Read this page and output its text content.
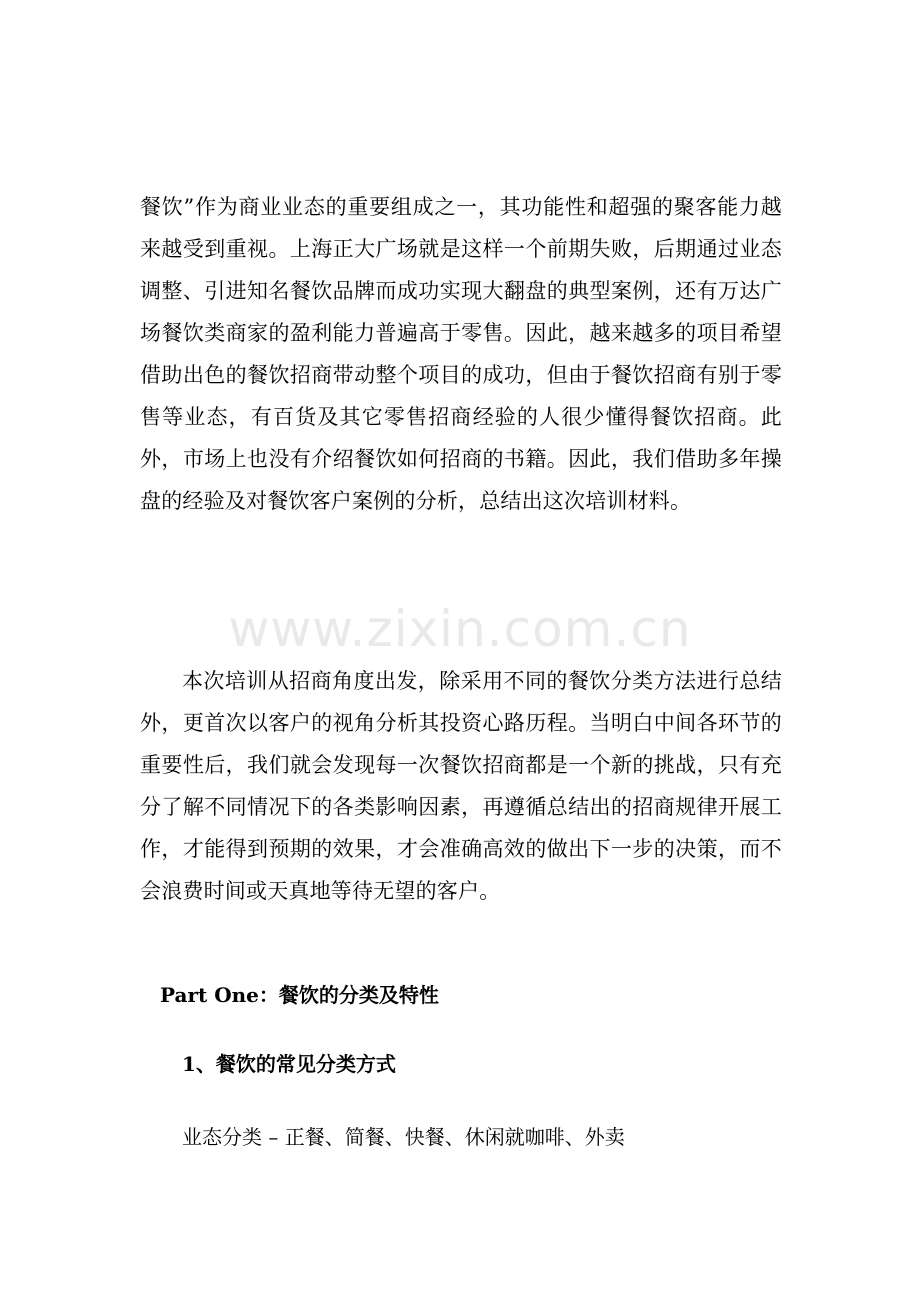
餐饮”作为商业业态的重要组成之一，其功能性和超强的聚客能力越来越受到重视。上海正大广场就是这样一个前期失败，后期通过业态调整、引进知名餐饮品牌而成功实现大翻盘的典型案例，还有万达广场餐饮类商家的盈利能力普遍高于零售。因此，越来越多的项目希望借助出色的餐饮招商带动整个项目的成功，但由于餐饮招商有别于零售等业态，有百货及其它零售招商经验的人很少懂得餐饮招商。此外，市场上也没有介绍餐饮如何招商的书籍。因此，我们借助多年操盘的经验及对餐饮客户案例的分析，总结出这次培训材料。

www.zixin.com.cn

本次培训从招商角度出发，除采用不同的餐饮分类方法进行总结外，更首次以客户的视角分析其投资心路历程。当明白中间各环节的重要性后，我们就会发现每一次餐饮招商都是一个新的挑战，只有充分了解不同情况下的各类影响因素，再遵循总结出的招商规律开展工作，才能得到预期的效果，才会准确高效的做出下一步的决策，而不会浪费时间或天真地等待无望的客户。

Part One：餐饮的分类及特性
1、餐饮的常见分类方式

业态分类 – 正餐、简餐、快餐、休闲就咖啡、外卖
